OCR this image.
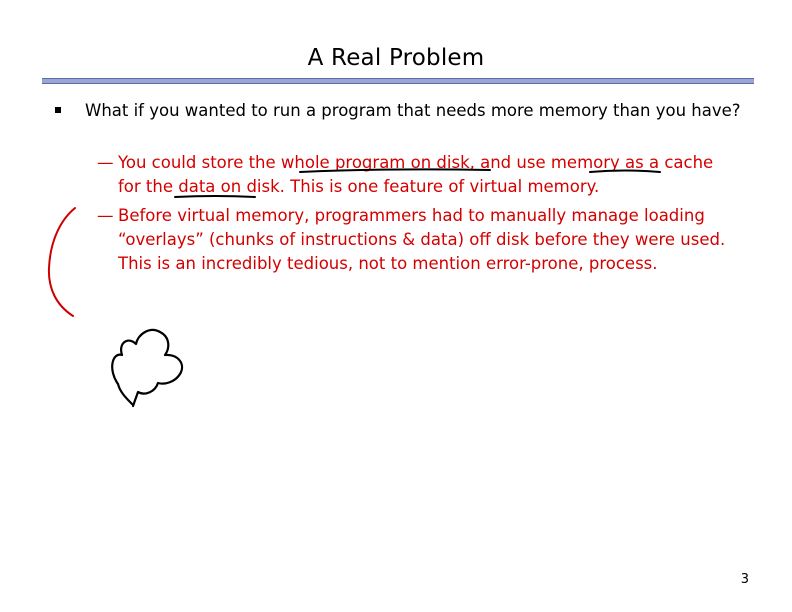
A Real Problem
What if you wanted to run a program that needs more memory than you have?
— You could store the whole program on disk, and use memory as a cache for the data on disk. This is one feature of virtual memory.
— Before virtual memory, programmers had to manually manage loading “overlays” (chunks of instructions & data) off disk before they were used. This is an incredibly tedious, not to mention error-prone, process.
3
